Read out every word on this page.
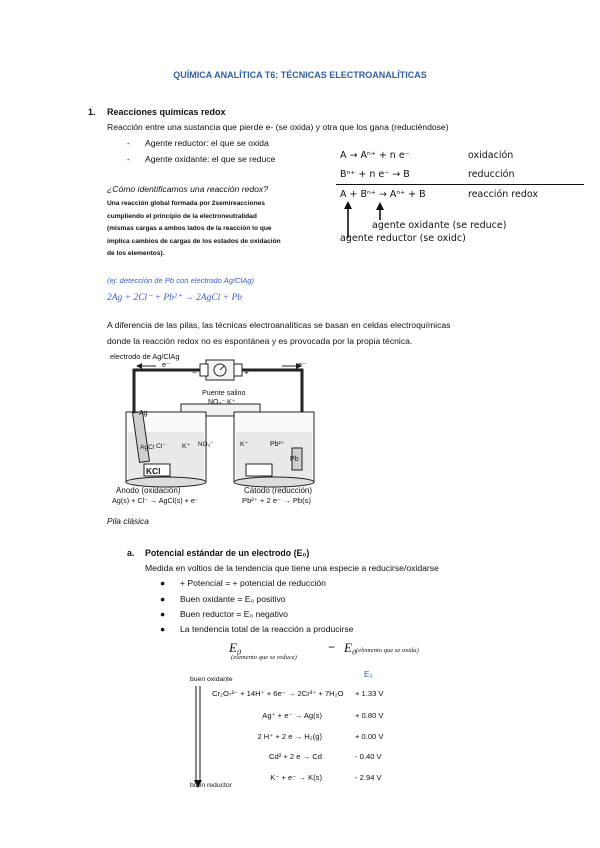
QUÍMICA ANALÍTICA T6: TÉCNICAS ELECTROANALÍTICAS
1. Reacciones químicas redox
Reacción entre una sustancia que pierde e- (se oxida) y otra que los gana (reduciéndose)
- Agente reductor: el que se oxida
- Agente oxidante: el que se reduce	A → Aⁿ⁺ + n e⁻	oxidación
Bⁿ⁺ + n e⁻ → B	reducción
A + Bⁿ⁺ → Aⁿ⁺ + B	reacción redox
agente oxidante (se reduce)
agente reductor (se oxidc)
¿Cómo identificamos una reacción redox?
Una reacción global formada por 2semireacciones
cumpliendo el principio de la electroneutralidad
(mismas cargas a ambos lados de la reacción lo que
implica cambios de cargas de los estados de oxidación
de los elementos).
(ej: detección de Pb con electrodo Ag/ClAg)
2Ag + 2Cl⁻ + Pb²⁺ → 2AgCl + Pb
A diferencia de las pilas, las técnicas electroanalíticas se basan en celdas electroquímicas
donde la reacción redox no es espontánea y es provocada por la propia técnica.
electrodo de Ag/ClAg
e⁻	e⁻
−	+
Puente salino
NO₃⁻ K⁺
Ag
AgCl Cl⁻ K⁺ NO₃⁻	K⁺	Pb²⁺
Pb
KCl
Anodo (oxidación)
Ag(s) + Cl⁻ → AgCl(s) + e⁻
Cátodo (reducción)
Pb²⁺ + 2 e⁻ → Pb(s)
Pila clásica
a. Potencial estándar de un electrodo (E₀)
Medida en voltios de la tendencia que tiene una especie a reducirse/oxidarse
● + Potencial = + potencial de reducción
● Buen oxidante = E₀ positivo
● Buen reductor = E₀ negativo
● La tendencia total de la reacción a producirse
E₀
(elemento que se reduce)
− E₀ (elemento que se oxida)
E₀
buen oxidante
buen reductor
Cr₂O₇²⁻ + 14H⁺ + 6e⁻ → 2Cr³⁺ + 7H₂O + 1.33 V
Ag⁺ + e⁻ → Ag(s)	+ 0.80 V
2 H⁺ + 2 e → H₂(g)	+ 0.00 V
Cd² + 2 e → Cd	- 0.40 V
K⁻ + e⁻ → K(s)	- 2.94 V
